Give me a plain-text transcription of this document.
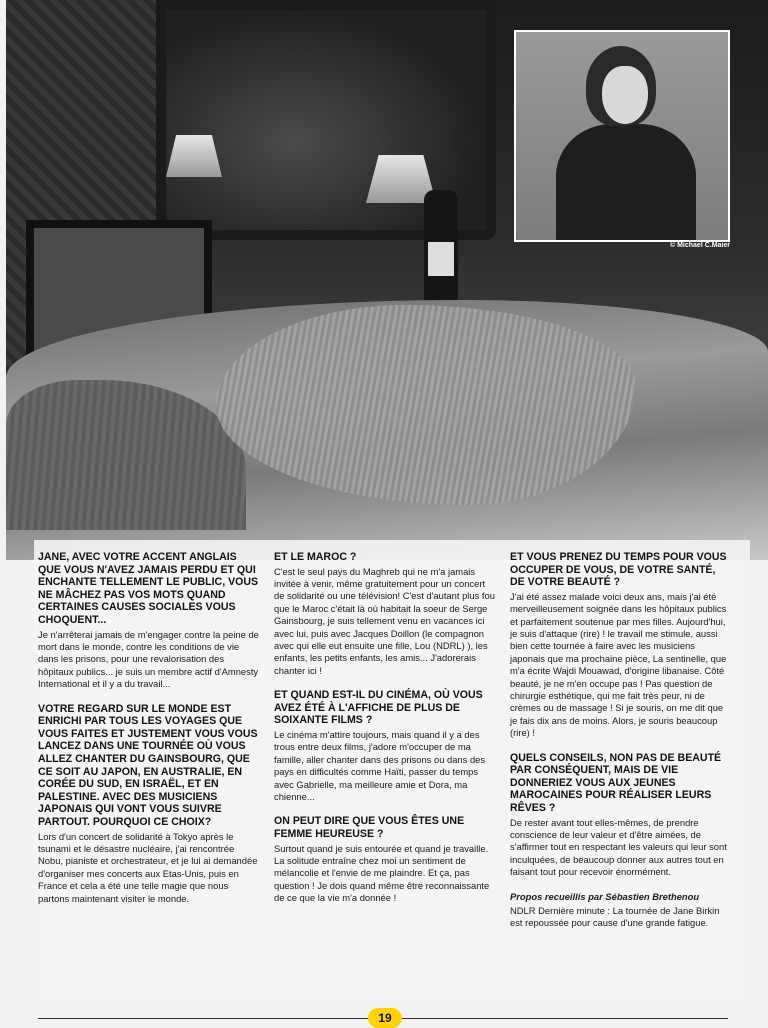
© Michael C.Maier

JANE, AVEC VOTRE ACCENT ANGLAIS QUE VOUS N'AVEZ JAMAIS PERDU ET QUI ENCHANTE TELLEMENT LE PUBLIC, VOUS NE MÂCHEZ PAS VOS MOTS QUAND CERTAINES CAUSES SOCIALES VOUS CHOQUENT...

Je n'arrêterai jamais de m'engager contre la peine de mort dans le monde, contre les conditions de vie dans les prisons, pour une revalorisation des hôpitaux publics... je suis un membre actif d'Amnesty International et il y a du travail...

VOTRE REGARD SUR LE MONDE EST ENRICHI PAR TOUS LES VOYAGES QUE VOUS FAITES ET JUSTEMENT VOUS VOUS LANCEZ DANS UNE TOURNÉE OÙ VOUS ALLEZ CHANTER DU GAINSBOURG, QUE CE SOIT AU JAPON, EN AUSTRALIE, EN CORÉE DU SUD, EN ISRAËL, ET EN PALESTINE. AVEC DES MUSICIENS JAPONAIS QUI VONT VOUS SUIVRE PARTOUT. POURQUOI CE CHOIX?

Lors d'un concert de solidarité à Tokyo après le tsunami et le désastre nucléaire, j'ai rencontrée Nobu, pianiste et orchestrateur, et je lui ai demandée d'organiser mes concerts aux Etas-Unis, puis en France et cela a été une telle magie que nous partons maintenant visiter le monde.

ET LE MAROC ?

C'est le seul pays du Maghreb qui ne m'a jamais invitée à venir, même gratuitement pour un concert de solidarité ou une télévision! C'est d'autant plus fou que le Maroc c'était là où habitait la soeur de Serge Gainsbourg, je suis tellement venu en vacances ici avec lui, puis avec Jacques Doillon (le compagnon avec qui elle eut ensuite une fille, Lou (NDRL) ), les enfants, les petits enfants, les amis... J'adorerais chanter ici !

ET QUAND EST-IL DU CINÉMA, OÙ VOUS AVEZ ÉTÉ À L'AFFICHE DE PLUS DE SOIXANTE FILMS ?

Le cinéma m'attire toujours, mais quand il y a des trous entre deux films, j'adore m'occuper de ma famille, aller chanter dans des prisons ou dans des pays en difficultés comme Haïti, passer du temps avec Gabrielle, ma meilleure amie et Dora, ma chienne...

ON PEUT DIRE QUE VOUS ÊTES UNE FEMME HEUREUSE ?

Surtout quand je suis entourée et quand je travaille. La solitude entraîne chez moi un sentiment de mélancolie et l'envie de me plaindre. Et ça, pas question ! Je dois quand même être reconnaissante de ce que la vie m'a donnée !

ET VOUS PRENEZ DU TEMPS POUR VOUS OCCUPER DE VOUS, DE VOTRE SANTÉ, DE VOTRE BEAUTÉ ?

J'ai été assez malade voici deux ans, mais j'ai été merveilleusement soignée dans les hôpitaux publics et parfaitement soutenue par mes filles. Aujourd'hui, je suis d'attaque (rire) ! le travail me stimule, aussi bien cette tournée à faire avec les musiciens japonais que ma prochaine pièce, La sentinelle, que m'a écrite Wajdi Mouawad, d'origine libanaise. Côté beauté, je ne m'en occupe pas ! Pas question de chirurgie esthétique, qui me fait très peur, ni de crèmes ou de massage ! Si je souris, on me dit que je fais dix ans de moins. Alors, je souris beaucoup (rire) !

QUELS CONSEILS, NON PAS DE BEAUTÉ PAR CONSÉQUENT, MAIS DE VIE DONNERIEZ VOUS AUX JEUNES MAROCAINES POUR RÉALISER LEURS RÊVES ?

De rester avant tout elles-mêmes, de prendre conscience de leur valeur et d'être aimées, de s'affirmer tout en respectant les valeurs qui leur sont inculquées, de beaucoup donner aux autres tout en faisant tout pour recevoir énormément.

Propos recueillis par Sébastien Brethenou

NDLR Dernière minute : La tournée de Jane Birkin est repoussée pour cause d'une grande fatigue.

19
